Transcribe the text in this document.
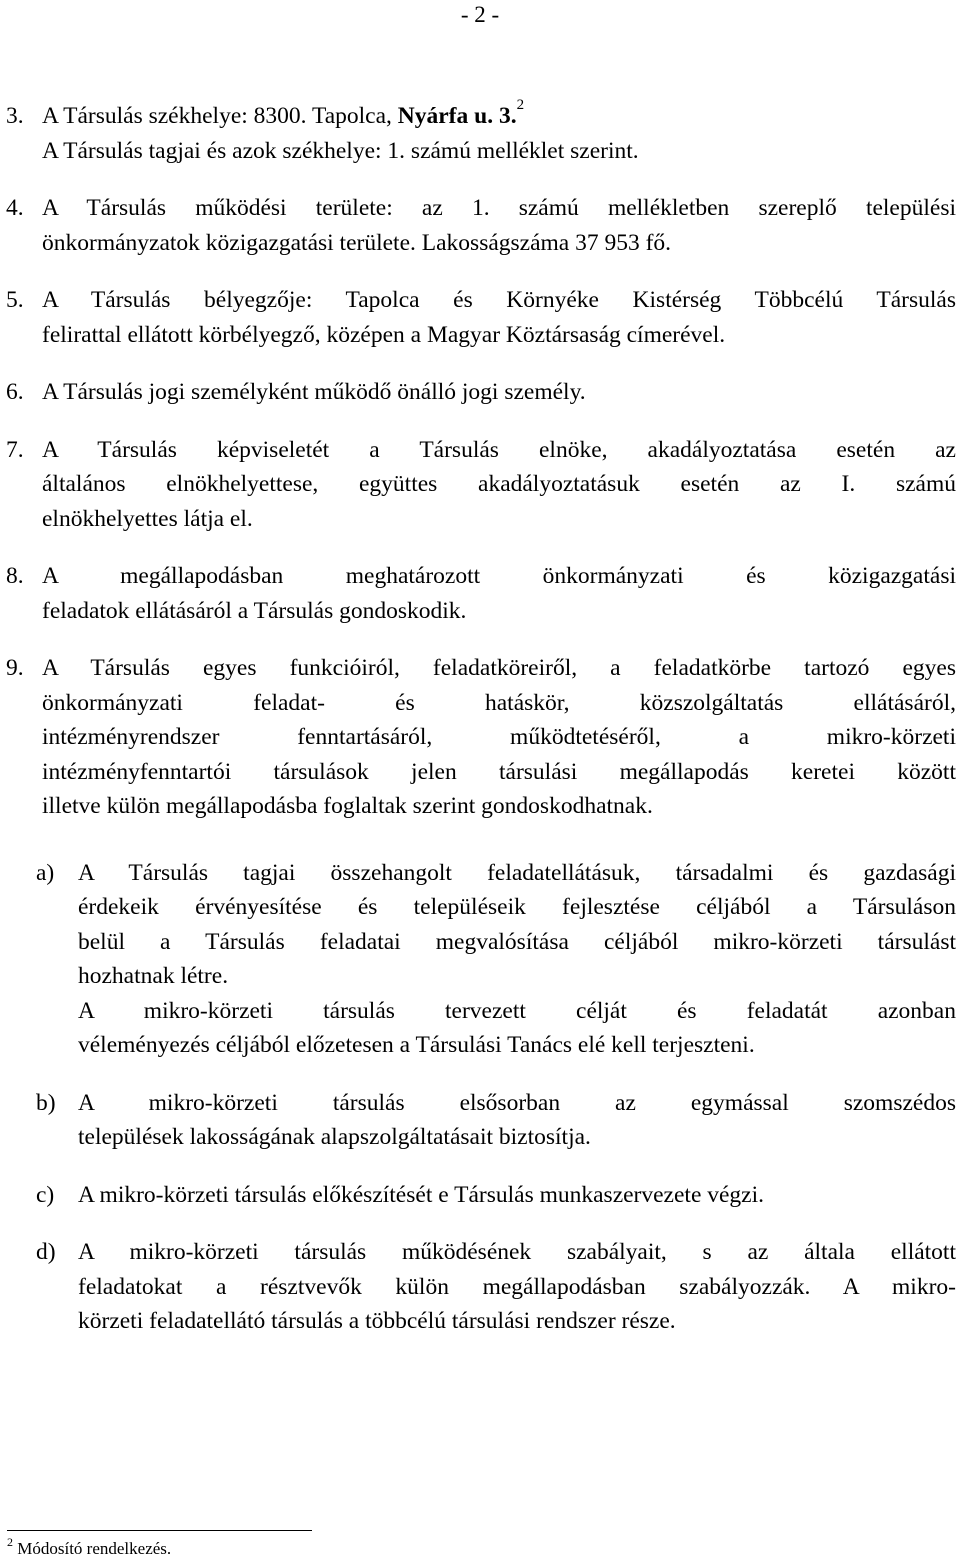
- 2 -
3. A Társulás székhelye: 8300. Tapolca, Nyárfa u. 3.$^2$
A Társulás tagjai és azok székhelye: 1. számú melléklet szerint.
4. A Társulás működési területe: az 1. számú mellékletben szereplő települési
önkormányzatok közigazgatási területe. Lakosságszáma 37 953 fő.
5. A Társulás bélyegzője: Tapolca és Környéke Kistérség Többcélú Társulás
felirattal ellátott körbélyegző, középen a Magyar Köztársaság címerével.
6. A Társulás jogi személyként működő önálló jogi személy.
7. A Társulás képviseletét a Társulás elnöke, akadályoztatása esetén az
általános elnökhelyettese, együttes akadályoztatásuk esetén az I. számú
elnökhelyettes látja el.
8. A megállapodásban meghatározott önkormányzati és közigazgatási
feladatok ellátásáról a Társulás gondoskodik.
9. A Társulás egyes funkcióiról, feladatköreiről, a feladatkörbe tartozó egyes
önkormányzati feladat- és hatáskör, közszolgáltatás ellátásáról,
intézményrendszer fenntartásáról, működtetéséről, a mikro-körzeti
intézményfenntartói társulások jelen társulási megállapodás keretei között
illetve külön megállapodásba foglaltak szerint gondoskodhatnak.
a)	A Társulás tagjai összehangolt feladatellátásuk, társadalmi és gazdasági
érdekeik érvényesítése és településeik fejlesztése céljából a Társuláson
belül a Társulás feladatai megvalósítása céljából mikro-körzeti társulást
hozhatnak létre.
A mikro-körzeti társulás tervezett célját és feladatát azonban
véleményezés céljából előzetesen a Társulási Tanács elé kell terjeszteni.
b) A mikro-körzeti társulás elsősorban az egymással szomszédos
települések lakosságának alapszolgáltatásait biztosítja.
c)	A mikro-körzeti társulás előkészítését e Társulás munkaszervezete végzi.
d) A mikro-körzeti társulás működésének szabályait, s az általa ellátott
feladatokat a résztvevők külön megállapodásban szabályozzák. A mikro-
körzeti feladatellátó társulás a többcélú társulási rendszer része.
$^2$ Módosító rendelkezés.
